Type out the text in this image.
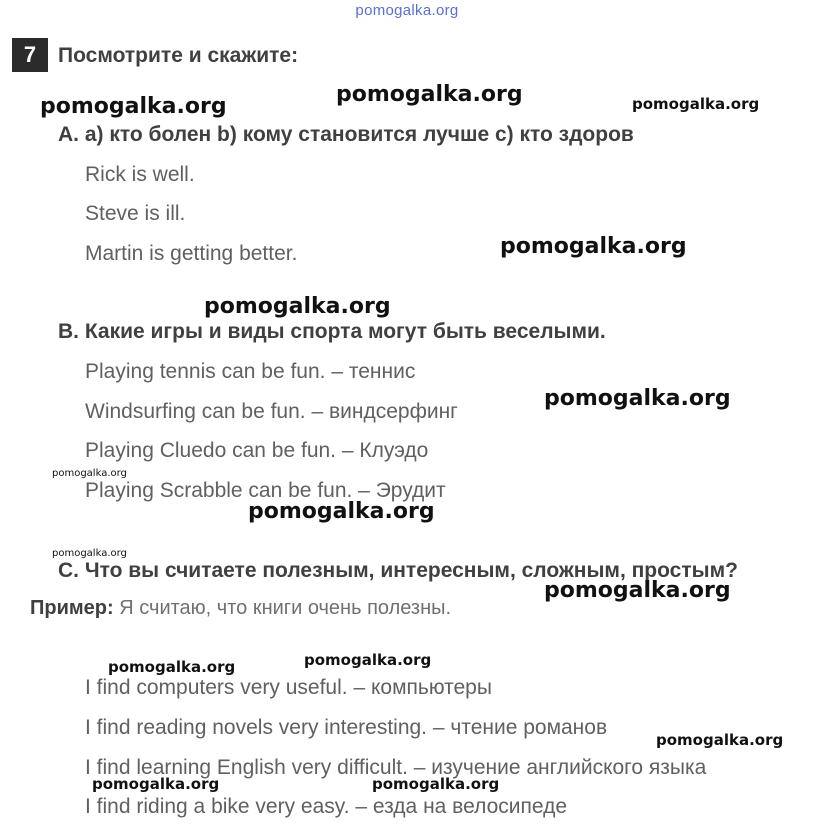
pomogalka.org
7	Посмотрите и скажите:
A. а) кто болен b) кому становится лучше c) кто здоров
Rick is well.
Steve is ill.
Martin is getting better.
B. Какие игры и виды спорта могут быть веселыми.
Playing tennis can be fun. – теннис
Windsurfing can be fun. – виндсерфинг
Playing Cluedo can be fun. – Клуэдо
Playing Scrabble can be fun. – Эрудит
C. Что вы считаете полезным, интересным, сложным, простым?
Пример: Я считаю, что книги очень полезны.
I find computers very useful. – компьютеры
I find reading novels very interesting. – чтение романов
I find learning English very difficult. – изучение английского языка
I find riding a bike very easy. – езда на велосипеде
pomogalka.org	pomogalka.org	pomogalka.org
pomogalka.org
pomogalka.org
pomogalka.org
pomogalka.org
pomogalka.org
pomogalka.org
pomogalka.org
pomogalka.org	pomogalka.org
pomogalka.org
pomogalka.org	pomogalka.org
